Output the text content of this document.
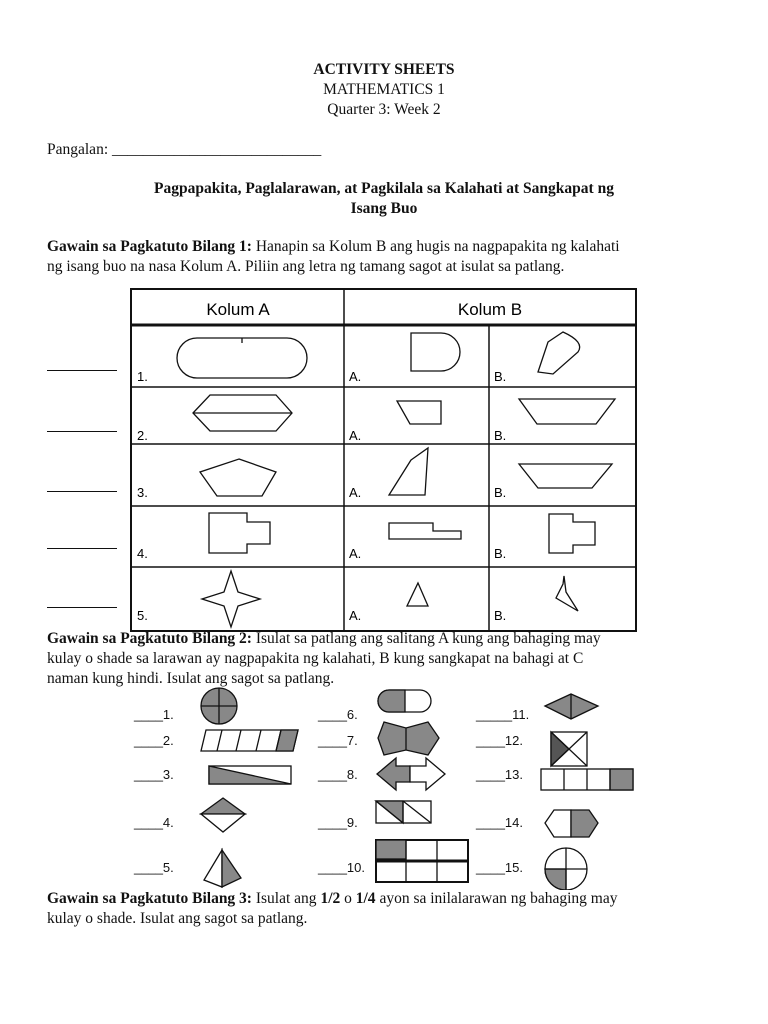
ACTIVITY SHEETS
MATHEMATICS 1
Quarter 3: Week 2
Pangalan: ___________________________
Pagpapakita, Paglalarawan, at Pagkilala sa Kalahati at Sangkapat ng
Isang Buo
Gawain sa Pagkatuto Bilang 1: Hanapin sa Kolum B ang hugis na nagpapakita ng kalahati
ng isang buo na nasa Kolum A. Piliin ang letra ng tamang sagot at isulat sa patlang.
Kolum A	Kolum B
1.	A.	B.
2.	A.	B.
3.	A.	B.
4.	A.	B.
5.	A.	B.
Gawain sa Pagkatuto Bilang 2: Isulat sa patlang ang salitang A kung ang bahaging may
kulay o shade sa larawan ay nagpapakita ng kalahati, B kung sangkapat na bahagi at C
naman kung hindi. Isulat ang sagot sa patlang.
____1.
____2.
____3.
____4.
____5.
____6.
____7.
____8.
____9.
____10.
_____11.
____12.
____13.
____14.
____15.
Gawain sa Pagkatuto Bilang 3: Isulat ang 1/2 o 1/4 ayon sa inilalarawan ng bahaging may
kulay o shade. Isulat ang sagot sa patlang.
